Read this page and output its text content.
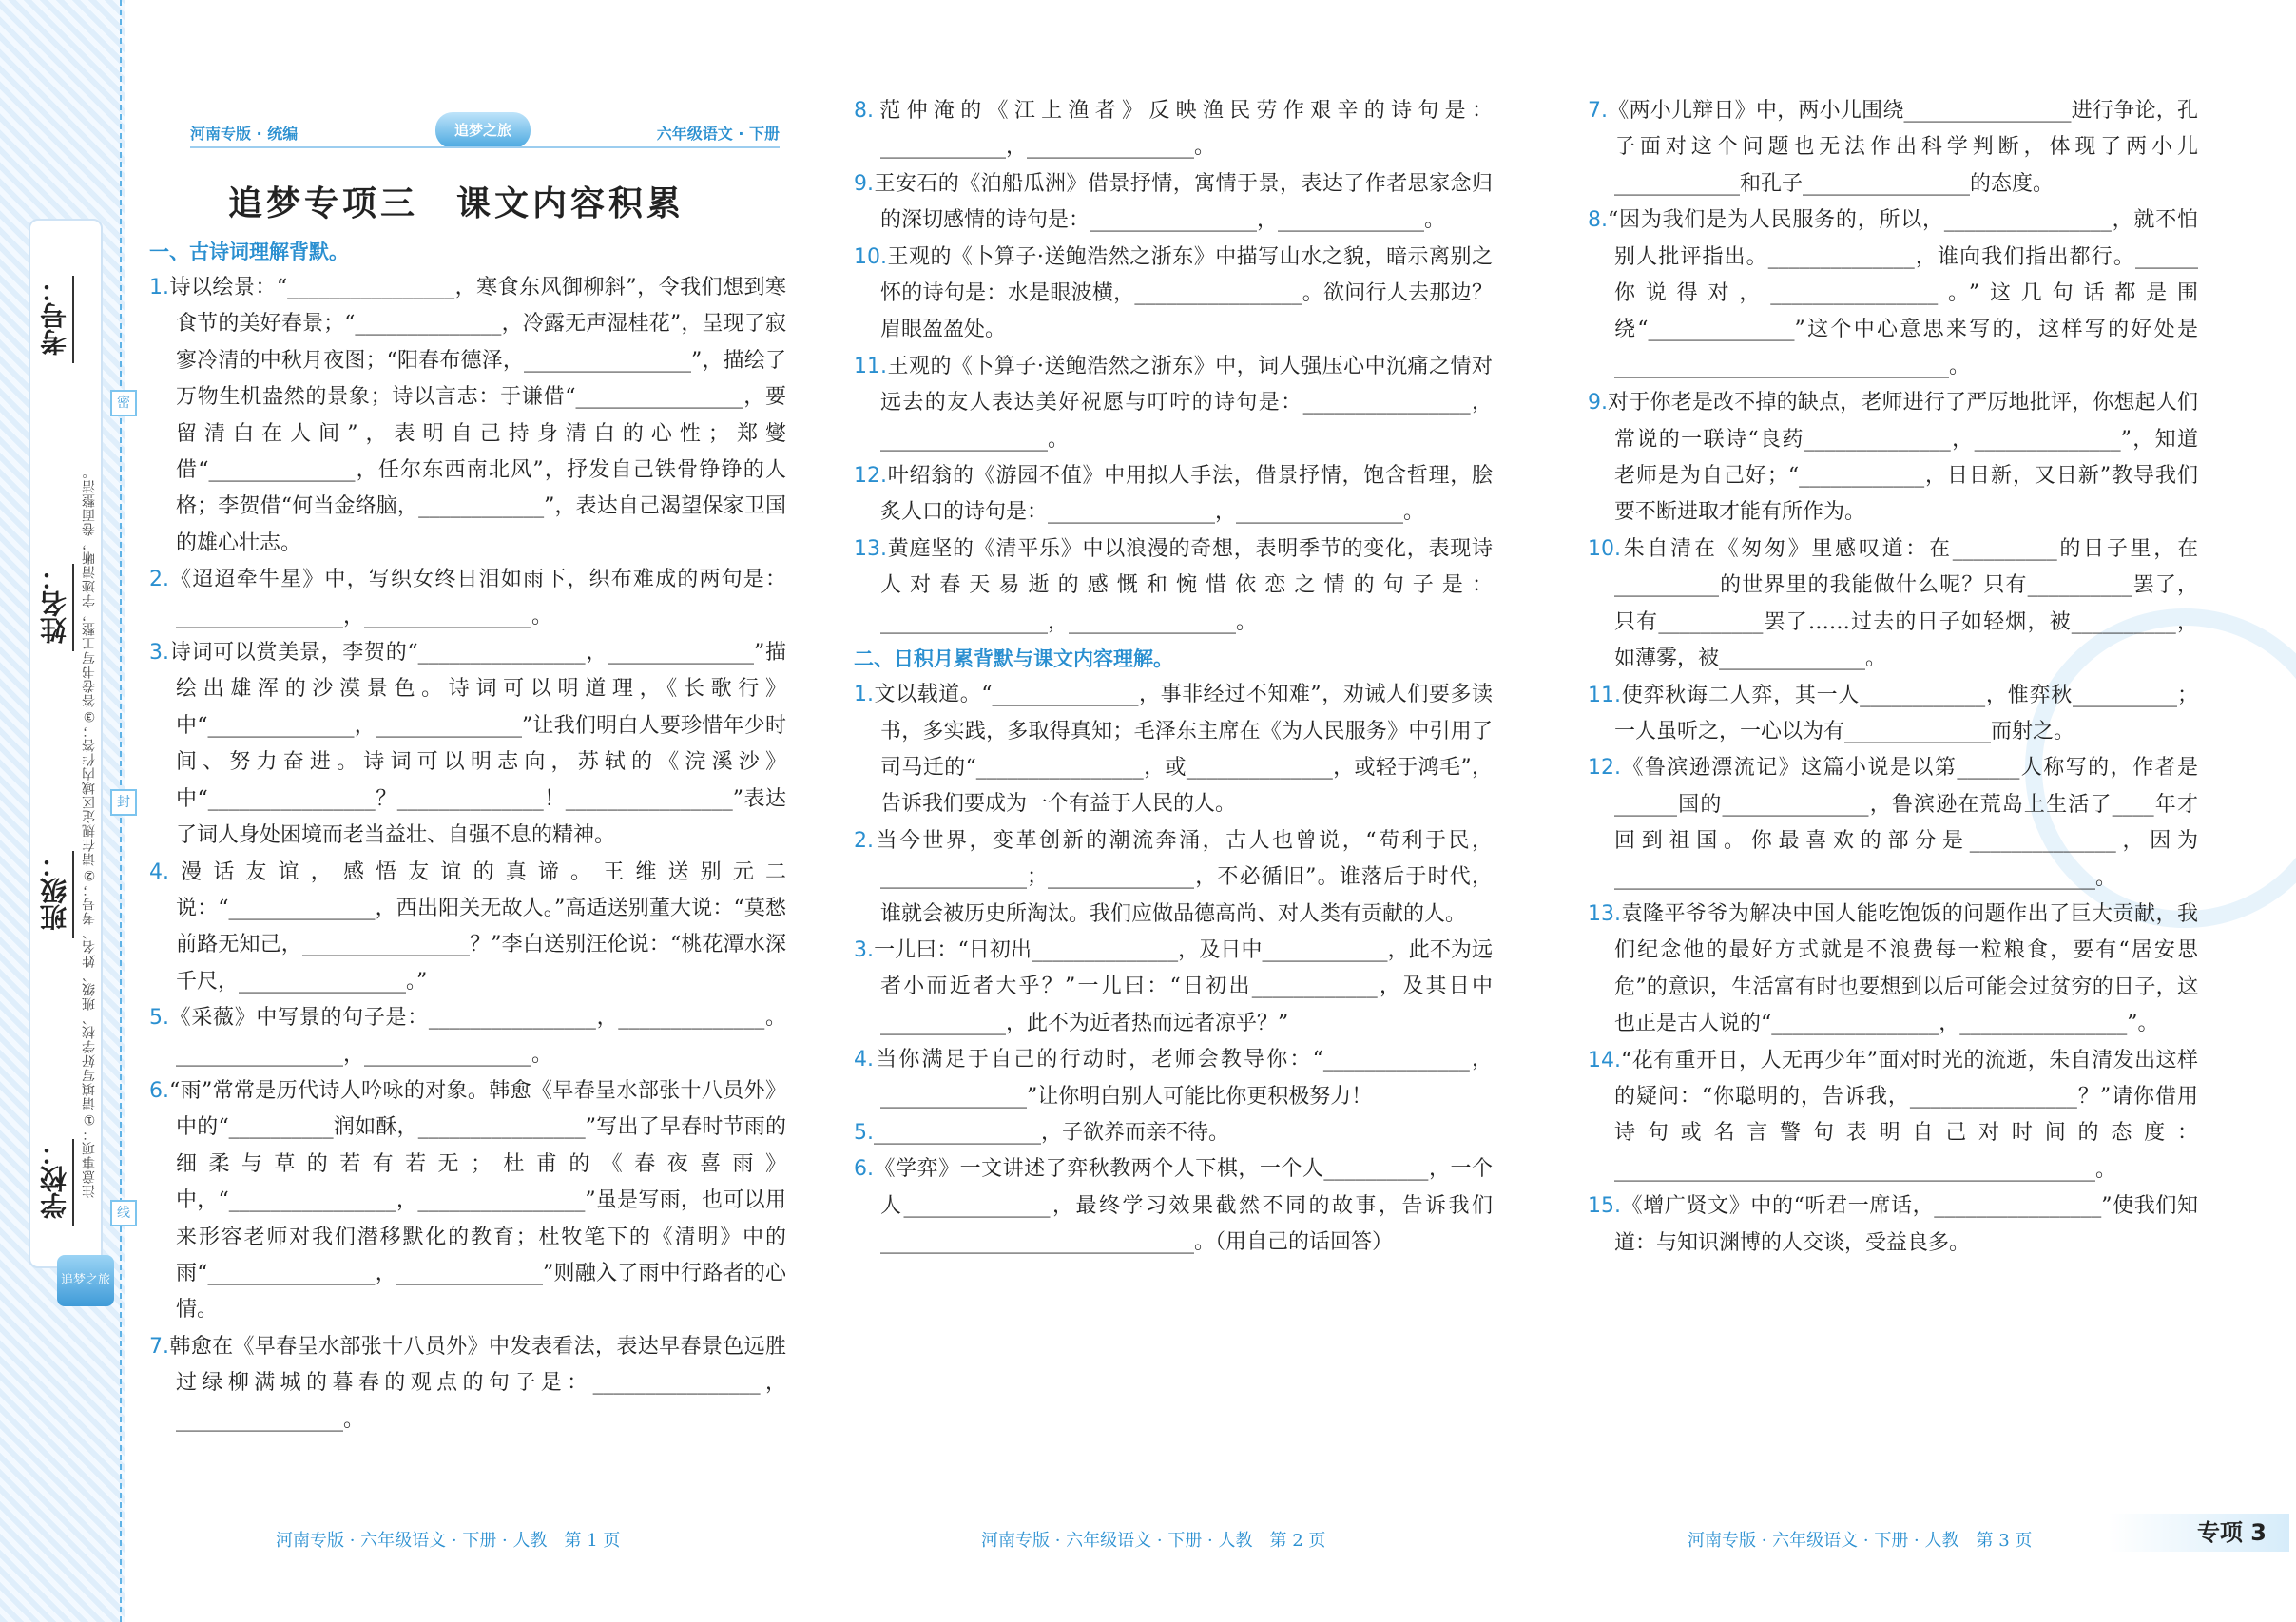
学校：
班级：
姓名：
考号：
注意事项：①请填写好学校、班级、姓名、考号；②请在规定区域内作答；③答卷书写工整，字迹清晰，卷面整洁。
密
封
线
追梦之旅
河南专版 · 统编	追梦之旅	六年级语文 · 下册
追梦专项三　课文内容积累
一、古诗词理解背默。
1.诗以绘景：“________________，寒食东风御柳斜”，令我们想到寒食节的美好春景；“______________，冷露无声湿桂花”，呈现了寂寥冷清的中秋月夜图；“阳春布德泽，________________”，描绘了万物生机盎然的景象；诗以言志：于谦借“________________，要留清白在人间”，表明自己持身清白的心性；郑燮借“______________，任尔东西南北风”，抒发自己铁骨铮铮的人格；李贺借“何当金络脑，____________”，表达自己渴望保家卫国的雄心壮志。
2.《迢迢牵牛星》中，写织女终日泪如雨下，织布难成的两句是：________________，________________。
3.诗词可以赏美景，李贺的“________________，______________”描绘出雄浑的沙漠景色。诗词可以明道理，《长歌行》中“______________，______________”让我们明白人要珍惜年少时间、努力奋进。诗词可以明志向，苏轼的《浣溪沙》中“________________？______________！________________”表达了词人身处困境而老当益壮、自强不息的精神。
4.漫话友谊，感悟友谊的真谛。王维送别元二说：“______________，西出阳关无故人。”高适送别董大说：“莫愁前路无知己，________________？”李白送别汪伦说：“桃花潭水深千尺，________________。”
5.《采薇》中写景的句子是：________________，______________。________________，________________。
6.“雨”常常是历代诗人吟咏的对象。韩愈《早春呈水部张十八员外》中的“__________润如酥，________________”写出了早春时节雨的细柔与草的若有若无；杜甫的《春夜喜雨》中，“________________，________________”虽是写雨，也可以用来形容老师对我们潜移默化的教育；杜牧笔下的《清明》中的雨“________________，______________”则融入了雨中行路者的心情。
7.韩愈在《早春呈水部张十八员外》中发表看法，表达早春景色远胜过绿柳满城的暮春的观点的句子是：________________，________________。
8.范仲淹的《江上渔者》反映渔民劳作艰辛的诗句是：____________，________________。
9.王安石的《泊船瓜洲》借景抒情，寓情于景，表达了作者思家念归的深切感情的诗句是：________________，______________。
10.王观的《卜算子·送鲍浩然之浙东》中描写山水之貌，暗示离别之怀的诗句是：水是眼波横，________________。欲问行人去那边？眉眼盈盈处。
11.王观的《卜算子·送鲍浩然之浙东》中，词人强压心中沉痛之情对远去的友人表达美好祝愿与叮咛的诗句是：________________，________________。
12.叶绍翁的《游园不值》中用拟人手法，借景抒情，饱含哲理，脍炙人口的诗句是：________________，________________。
13.黄庭坚的《清平乐》中以浪漫的奇想，表明季节的变化，表现诗人对春天易逝的感慨和惋惜依恋之情的句子是：________________，________________。
二、日积月累背默与课文内容理解。
1.文以载道。“______________，事非经过不知难”，劝诫人们要多读书，多实践，多取得真知；毛泽东主席在《为人民服务》中引用了司马迁的“________________，或______________，或轻于鸿毛”，告诉我们要成为一个有益于人民的人。
2.当今世界，变革创新的潮流奔涌，古人也曾说，“苟利于民，______________；______________，不必循旧”。谁落后于时代，谁就会被历史所淘汰。我们应做品德高尚、对人类有贡献的人。
3.一儿曰：“日初出______________，及日中____________，此不为远者小而近者大乎？”一儿曰：“日初出____________，及其日中____________，此不为近者热而远者凉乎？”
4.当你满足于自己的行动时，老师会教导你：“______________，______________”让你明白别人可能比你更积极努力！
5.________________，子欲养而亲不待。
6.《学弈》一文讲述了弈秋教两个人下棋，一个人__________，一个人______________，最终学习效果截然不同的故事，告诉我们______________________________。（用自己的话回答）
7.《两小儿辩日》中，两小儿围绕________________进行争论，孔子面对这个问题也无法作出科学判断，体现了两小儿____________和孔子________________的态度。
8.“因为我们是为人民服务的，所以，________________，就不怕别人批评指出。______________，谁向我们指出都行。______你说得对，________________。”这几句话都是围绕“______________”这个中心意思来写的，这样写的好处是________________________________。
9.对于你老是改不掉的缺点，老师进行了严厉地批评，你想起人们常说的一联诗“良药______________，______________”，知道老师是为自己好；“____________，日日新，又日新”教导我们要不断进取才能有所作为。
10.朱自清在《匆匆》里感叹道：在__________的日子里，在__________的世界里的我能做什么呢？只有__________罢了，只有__________罢了……过去的日子如轻烟，被__________，如薄雾，被______________。
11.使弈秋诲二人弈，其一人____________，惟弈秋__________；一人虽听之，一心以为有______________而射之。
12.《鲁滨逊漂流记》这篇小说是以第______人称写的，作者是______国的______________，鲁滨逊在荒岛上生活了____年才回到祖国。你最喜欢的部分是______________，因为______________________________________________。
13.袁隆平爷爷为解决中国人能吃饱饭的问题作出了巨大贡献，我们纪念他的最好方式就是不浪费每一粒粮食，要有“居安思危”的意识，生活富有时也要想到以后可能会过贫穷的日子，这也正是古人说的“________________，________________”。
14.“花有重开日，人无再少年”面对时光的流逝，朱自清发出这样的疑问：“你聪明的，告诉我，________________？”请你借用诗句或名言警句表明自己对时间的态度：______________________________________________。
15.《增广贤文》中的“听君一席话，________________”使我们知道：与知识渊博的人交谈，受益良多。
河南专版 · 六年级语文 · 下册 · 人教　第 1 页	河南专版 · 六年级语文 · 下册 · 人教　第 2 页	河南专版 · 六年级语文 · 下册 · 人教　第 3 页	专项 3
